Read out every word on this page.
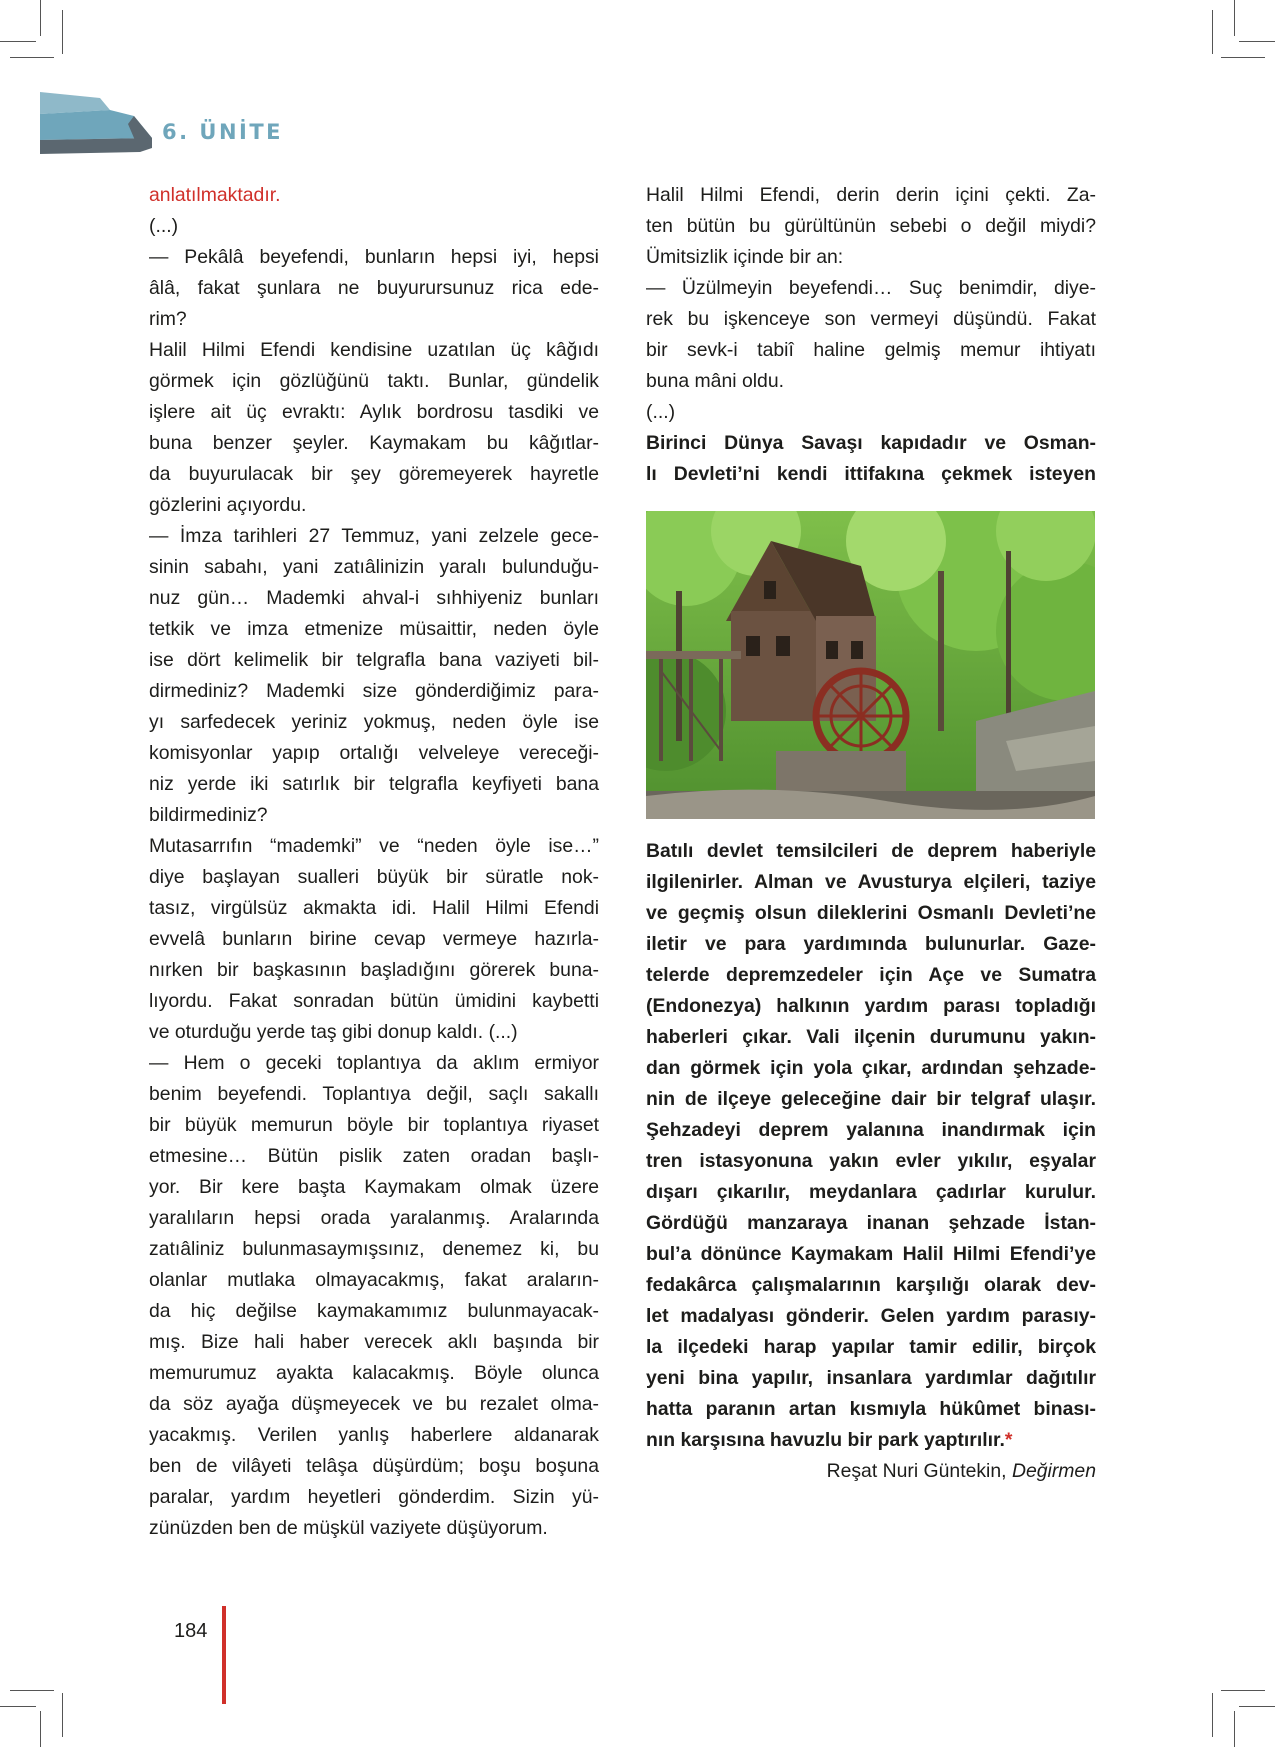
6. ÜNİTE
anlatılmaktadır.
(...)
— Pekâlâ beyefendi, bunların hepsi iyi, hepsi
âlâ, fakat şunlara ne buyurursunuz rica ede-
rim?
Halil Hilmi Efendi kendisine uzatılan üç kâğıdı
görmek için gözlüğünü taktı. Bunlar, gündelik
işlere ait üç evraktı: Aylık bordrosu tasdiki ve
buna benzer şeyler. Kaymakam bu kâğıtlar-
da buyurulacak bir şey göremeyerek hayretle
gözlerini açıyordu.
— İmza tarihleri 27 Temmuz, yani zelzele gece-
sinin sabahı, yani zatıâlinizin yaralı bulunduğu-
nuz gün… Mademki ahval-i sıhhiyeniz bunları
tetkik ve imza etmenize müsaittir, neden öyle
ise dört kelimelik bir telgrafla bana vaziyeti bil-
dirmediniz? Mademki size gönderdiğimiz para-
yı sarfedecek yeriniz yokmuş, neden öyle ise
komisyonlar yapıp ortalığı velveleye vereceği-
niz yerde iki satırlık bir telgrafla keyfiyeti bana
bildirmediniz?
Mutasarrıfın “mademki” ve “neden öyle ise…”
diye başlayan sualleri büyük bir süratle nok-
tasız, virgülsüz akmakta idi. Halil Hilmi Efendi
evvelâ bunların birine cevap vermeye hazırla-
nırken bir başkasının başladığını görerek buna-
lıyordu. Fakat sonradan bütün ümidini kaybetti
ve oturduğu yerde taş gibi donup kaldı. (...)
— Hem o geceki toplantıya da aklım ermiyor
benim beyefendi. Toplantıya değil, saçlı sakallı
bir büyük memurun böyle bir toplantıya riyaset
etmesine… Bütün pislik zaten oradan başlı-
yor. Bir kere başta Kaymakam olmak üzere
yaralıların hepsi orada yaralanmış. Aralarında
zatıâliniz bulunmasaymışsınız, denemez ki, bu
olanlar mutlaka olmayacakmış, fakat araların-
da hiç değilse kaymakamımız bulunmayacak-
mış. Bize hali haber verecek aklı başında bir
memurumuz ayakta kalacakmış. Böyle olunca
da söz ayağa düşmeyecek ve bu rezalet olma-
yacakmış. Verilen yanlış haberlere aldanarak
ben de vilâyeti telâşa düşürdüm; boşu boşuna
paralar, yardım heyetleri gönderdim. Sizin yü-
zünüzden ben de müşkül vaziyete düşüyorum.
Halil Hilmi Efendi, derin derin içini çekti. Za-
ten bütün bu gürültünün sebebi o değil miydi?
Ümitsizlik içinde bir an:
— Üzülmeyin beyefendi… Suç benimdir, diye-
rek bu işkenceye son vermeyi düşündü. Fakat
bir sevk-i tabiî haline gelmiş memur ihtiyatı
buna mâni oldu.
(...)
Birinci Dünya Savaşı kapıdadır ve Osman-
lı Devleti’ni kendi ittifakına çekmek isteyen
Batılı devlet temsilcileri de deprem haberiyle
ilgilenirler. Alman ve Avusturya elçileri, taziye
ve geçmiş olsun dileklerini Osmanlı Devleti’ne
iletir ve para yardımında bulunurlar. Gaze-
telerde depremzedeler için Açe ve Sumatra
(Endonezya) halkının yardım parası topladığı
haberleri çıkar. Vali ilçenin durumunu yakın-
dan görmek için yola çıkar, ardından şehzade-
nin de ilçeye geleceğine dair bir telgraf ulaşır.
Şehzadeyi deprem yalanına inandırmak için
tren istasyonuna yakın evler yıkılır, eşyalar
dışarı çıkarılır, meydanlara çadırlar kurulur.
Gördüğü manzaraya inanan şehzade İstan-
bul’a dönünce Kaymakam Halil Hilmi Efendi’ye
fedakârca çalışmalarının karşılığı olarak dev-
let madalyası gönderir. Gelen yardım parasıy-
la ilçedeki harap yapılar tamir edilir, birçok
yeni bina yapılır, insanlara yardımlar dağıtılır
hatta paranın artan kısmıyla hükûmet binası-
nın karşısına havuzlu bir park yaptırılır.*
Reşat Nuri Güntekin, Değirmen
184
